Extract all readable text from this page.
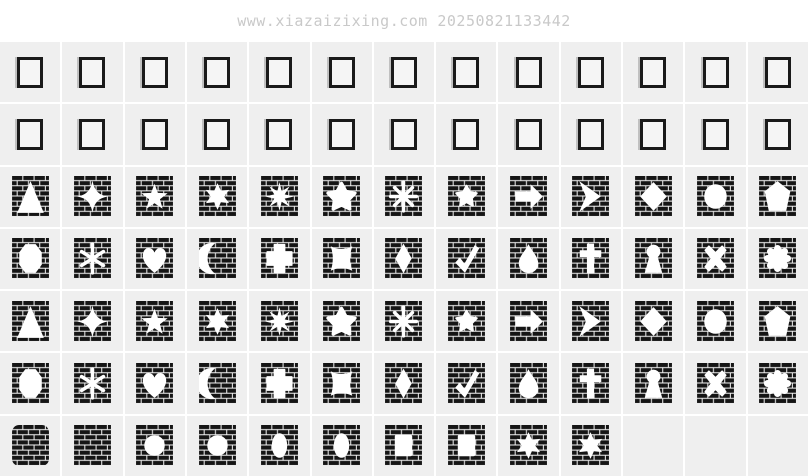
www.xiazaizixing.com 20250821133442
